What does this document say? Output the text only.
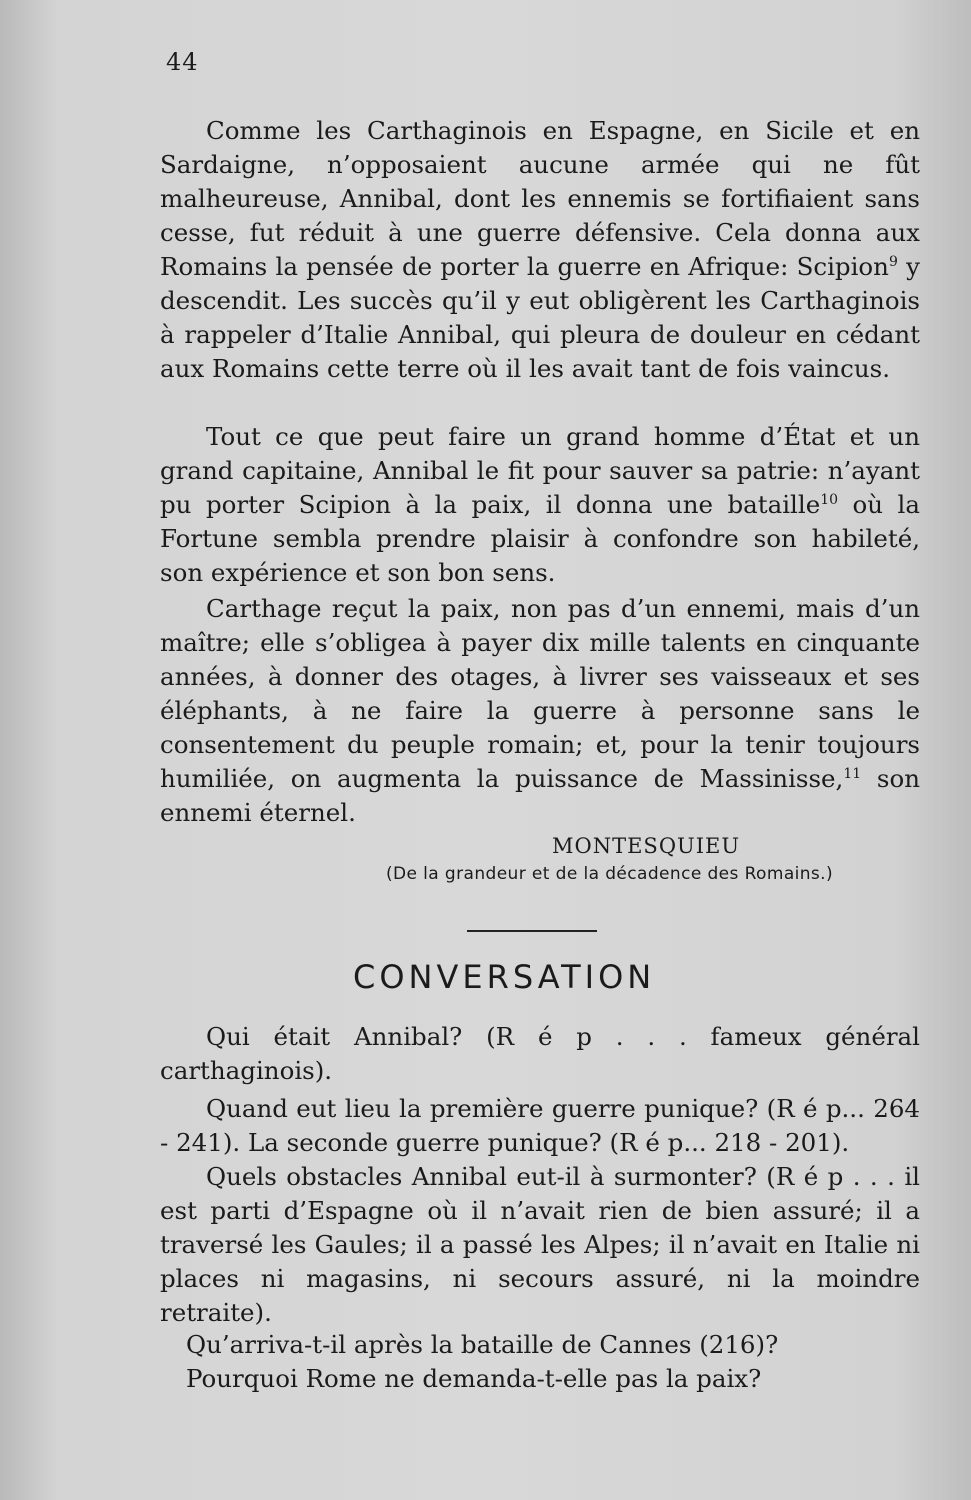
44

Comme les Carthaginois en Espagne, en Sicile et en Sardaigne, n’opposaient aucune armée qui ne fût malheureuse, Annibal, dont les ennemis se fortifiaient sans cesse, fut réduit à une guerre défensive. Cela donna aux Romains la pensée de porter la guerre en Afrique: Scipion$^9$ y descendit. Les succès qu’il y eut obligèrent les Carthaginois à rappeler d’Italie Annibal, qui pleura de douleur en cédant aux Romains cette terre où il les avait tant de fois vaincus.

Tout ce que peut faire un grand homme d’État et un grand capitaine, Annibal le fit pour sauver sa patrie: n’ayant pu porter Scipion à la paix, il donna une bataille$^{10}$ où la Fortune sembla prendre plaisir à confondre son habileté, son expérience et son bon sens.

Carthage reçut la paix, non pas d’un ennemi, mais d’un maître; elle s’obligea à payer dix mille talents en cinquante années, à donner des otages, à livrer ses vaisseaux et ses éléphants, à ne faire la guerre à personne sans le consentement du peuple romain; et, pour la tenir toujours humiliée, on augmenta la puissance de Massinisse,$^{11}$ son ennemi éternel.

MONTESQUIEU
(De la grandeur et de la décadence des Romains.)
CONVERSATION

Qui était Annibal? (R é p . . . fameux général carthaginois).

Quand eut lieu la première guerre punique? (R é p... 264 - 241). La seconde guerre punique? (R é p... 218 - 201).

Quels obstacles Annibal eut-il à surmonter? (R é p . . . il est parti d’Espagne où il n’avait rien de bien assuré; il a traversé les Gaules; il a passé les Alpes; il n’avait en Italie ni places ni magasins, ni secours assuré, ni la moindre retraite).

Qu’arriva-t-il après la bataille de Cannes (216)?

Pourquoi Rome ne demanda-t-elle pas la paix?
